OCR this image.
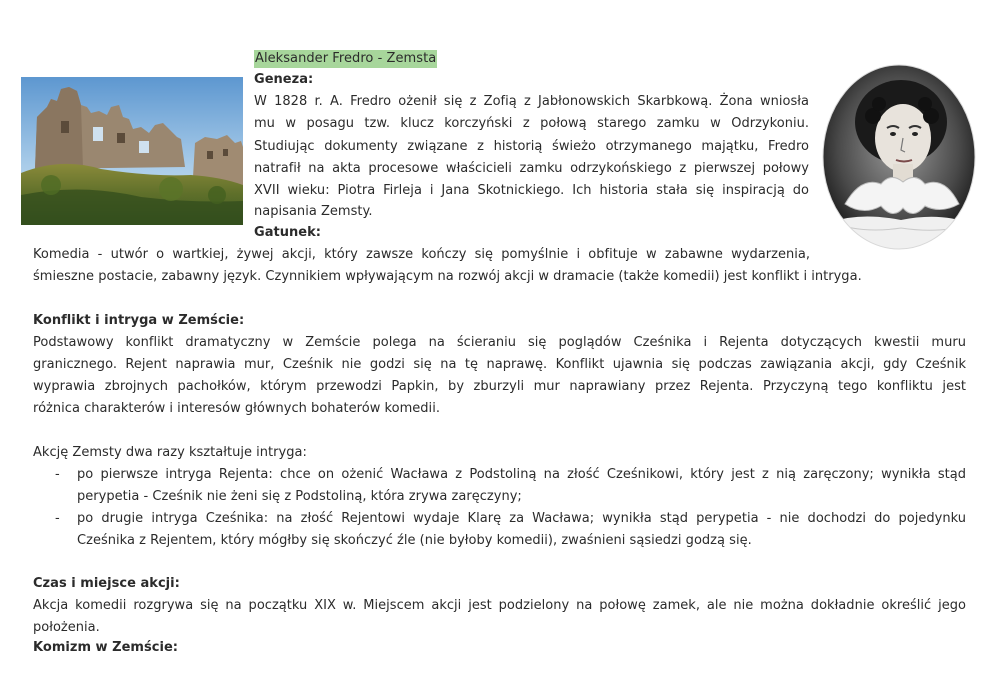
Aleksander Fredro - Zemsta
Geneza:
W 1828 r. A. Fredro ożenił się z Zofią z Jabłonowskich Skarbkową. Żona wniosła
mu w posagu tzw. klucz korczyński z połową starego zamku w Odrzykoniu.
Studiując dokumenty związane z historią świeżo otrzymanego majątku, Fredro
natrafił na akta procesowe właścicieli zamku odrzykońskiego z pierwszej połowy
XVII wieku: Piotra Firleja i Jana Skotnickiego. Ich historia stała się inspiracją do
napisania Zemsty.
Gatunek:
Komedia - utwór o wartkiej, żywej akcji, który zawsze kończy się pomyślnie i obfituje w zabawne wydarzenia,
śmieszne postacie, zabawny język. Czynnikiem wpływającym na rozwój akcji w dramacie (także komedii) jest konflikt i intryga.
Konflikt i intryga w Zemście:
Podstawowy konflikt dramatyczny w Zemście polega na ścieraniu się poglądów Cześnika i Rejenta dotyczących kwestii muru
granicznego. Rejent naprawia mur, Cześnik nie godzi się na tę naprawę. Konflikt ujawnia się podczas zawiązania akcji, gdy Cześnik
wyprawia zbrojnych pachołków, którym przewodzi Papkin, by zburzyli mur naprawiany przez Rejenta. Przyczyną tego konfliktu jest
różnica charakterów i interesów głównych bohaterów komedii.
Akcję Zemsty dwa razy kształtuje intryga:
- po pierwsze intryga Rejenta: chce on ożenić Wacława z Podstoliną na złość Cześnikowi, który jest z nią zaręczony; wynikła stąd
perypetia - Cześnik nie żeni się z Podstoliną, która zrywa zaręczyny;
- po drugie intryga Cześnika: na złość Rejentowi wydaje Klarę za Wacława; wynikła stąd perypetia - nie dochodzi do pojedynku
Cześnika z Rejentem, który mógłby się skończyć źle (nie byłoby komedii), zwaśnieni sąsiedzi godzą się.
Czas i miejsce akcji:
Akcja komedii rozgrywa się na początku XIX w. Miejscem akcji jest podzielony na połowę zamek, ale nie można dokładnie określić jego
położenia.
Komizm w Zemście:
